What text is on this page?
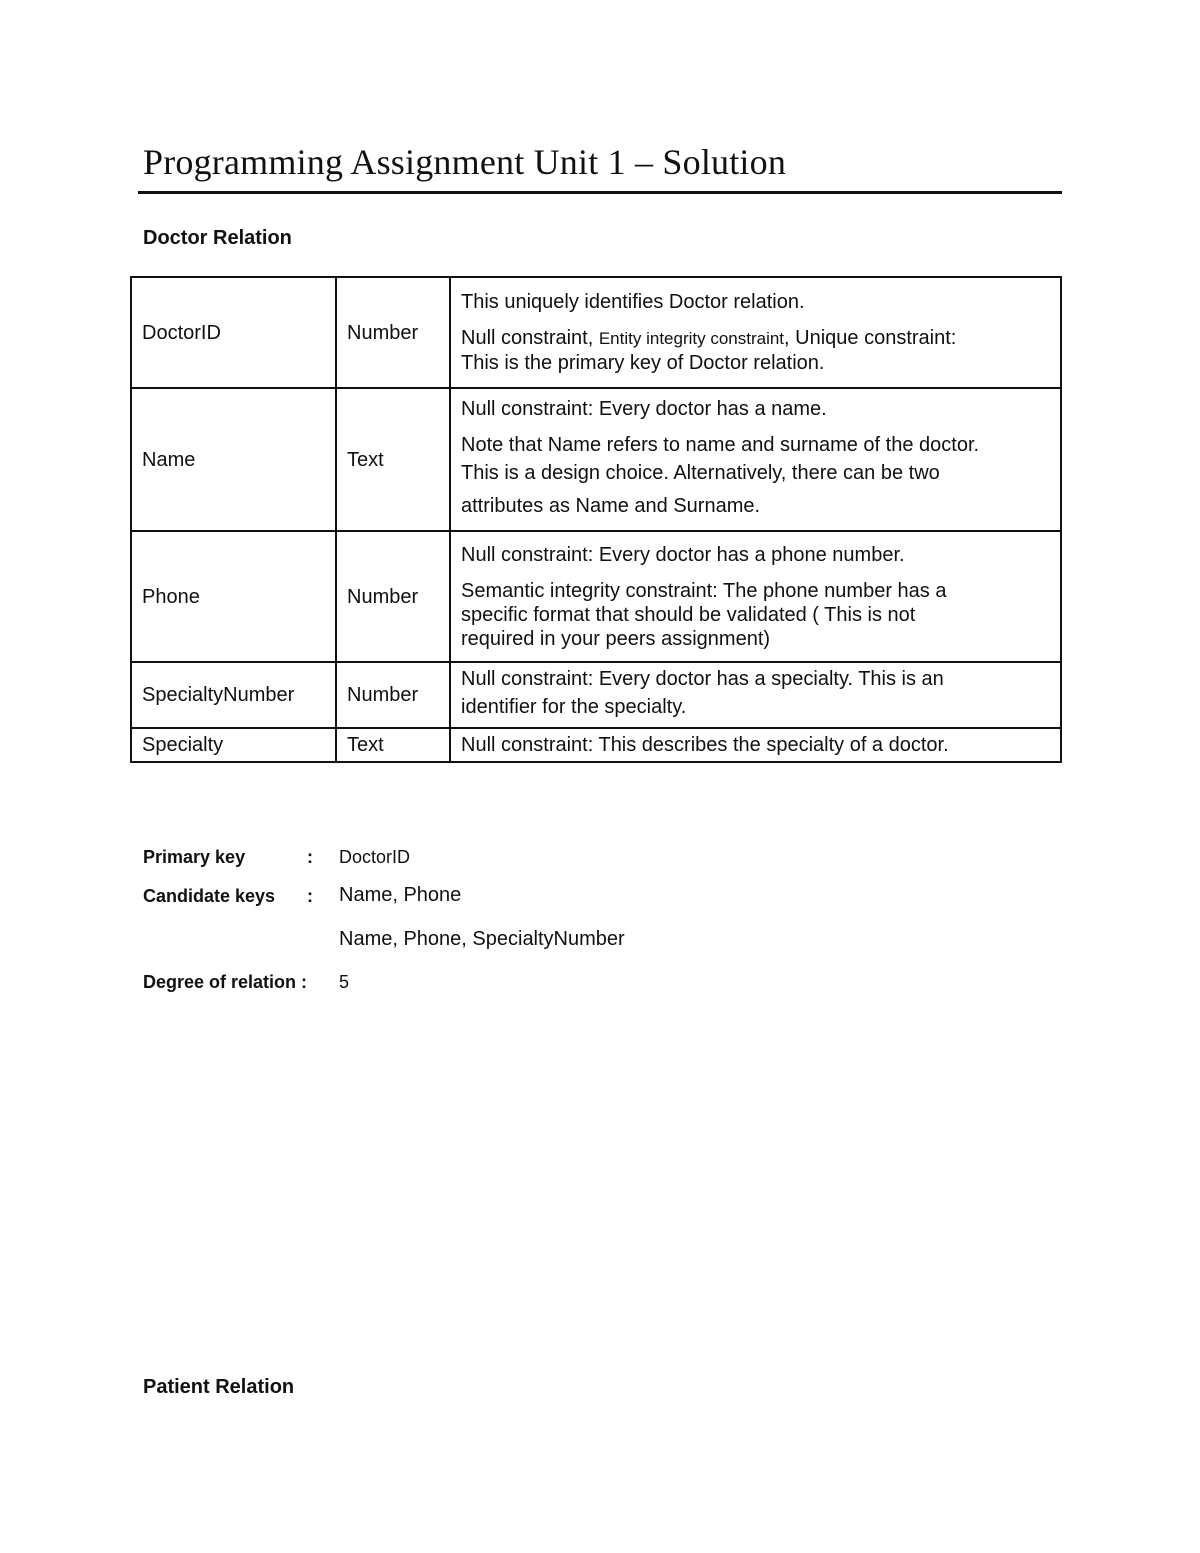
Programming Assignment Unit 1 – Solution
Doctor Relation
DoctorID	Number	This uniquely identifies Doctor relation.
Null constraint, Entity integrity constraint, Unique constraint:
This is the primary key of Doctor relation.

Name	Text	Null constraint: Every doctor has a name.
Note that Name refers to name and surname of the doctor.
This is a design choice. Alternatively, there can be two
attributes as Name and Surname.

Phone	Number	Null constraint: Every doctor has a phone number.
Semantic integrity constraint: The phone number has a
specific format that should be validated ( This is not
required in your peers assignment)

SpecialtyNumber	Number	Null constraint: Every doctor has a specialty. This is an
identifier for the specialty.

Specialty	Text	Null constraint: This describes the specialty of a doctor.
Primary key	: DoctorID
Candidate keys : Name, Phone
Name, Phone, SpecialtyNumber
Degree of relation : 5
Patient Relation
